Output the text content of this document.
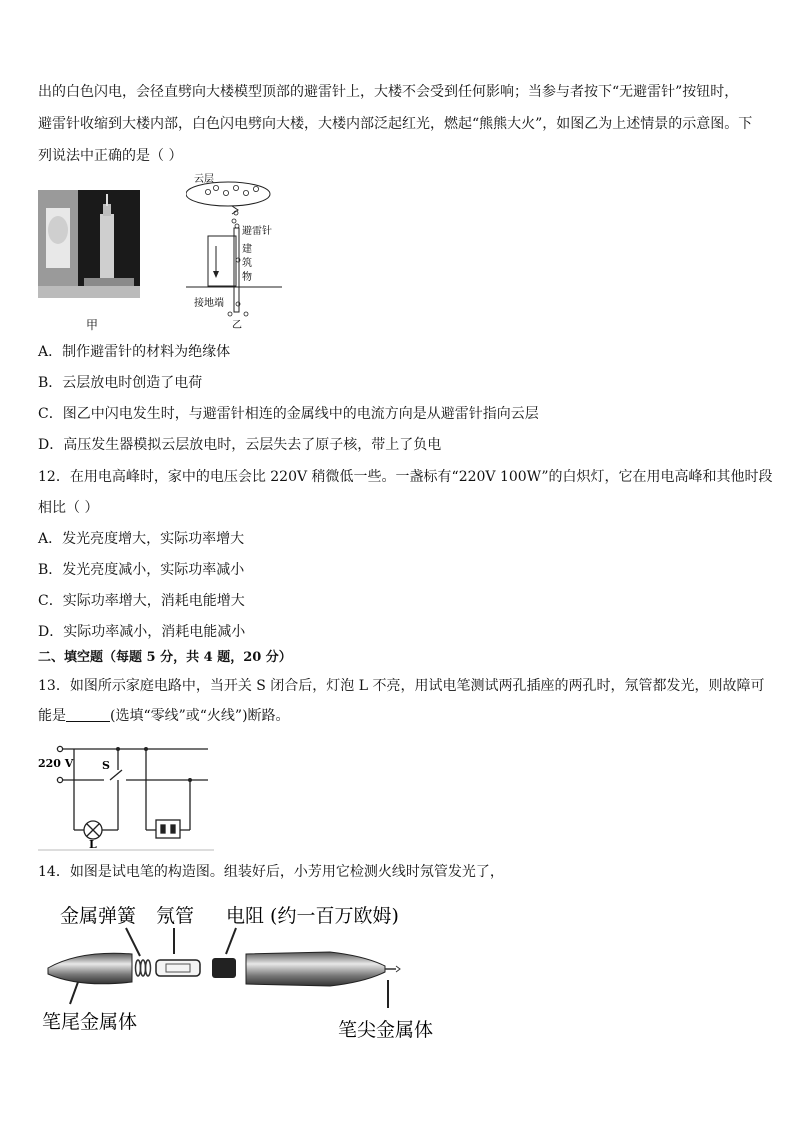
出的白色闪电，会径直劈向大楼模型顶部的避雷针上，大楼不会受到任何影响；当参与者按下“无避雷针”按钮时，
避雷针收缩到大楼内部，白色闪电劈向大楼，大楼内部泛起红光，燃起“熊熊大火”，如图乙为上述情景的示意图。下
列说法中正确的是（ ）
甲
云层
避雷针
建
筑
物
接地端
乙
A．制作避雷针的材料为绝缘体
B．云层放电时创造了电荷
C．图乙中闪电发生时，与避雷针相连的金属线中的电流方向是从避雷针指向云层
D．高压发生器模拟云层放电时，云层失去了原子核，带上了负电
12．在用电高峰时，家中的电压会比 220V 稍微低一些。一盏标有“220V 100W”的白炽灯，它在用电高峰和其他时段
相比（ ）
A．发光亮度增大，实际功率增大
B．发光亮度减小，实际功率减小
C．实际功率增大，消耗电能增大
D．实际功率减小，消耗电能减小
二、填空题（每题 5 分，共 4 题，20 分）
13．如图所示家庭电路中，当开关 S 闭合后，灯泡 L 不亮，用试电笔测试两孔插座的两孔时，氖管都发光，则故障可
能是	(选填“零线”或“火线”)断路。
220 V	S
L
14．如图是试电笔的构造图。组装好后，小芳用它检测火线时氖管发光了，
金属弹簧 氖管 电阻 (约一百万欧姆)
笔尾金属体	笔尖金属体
